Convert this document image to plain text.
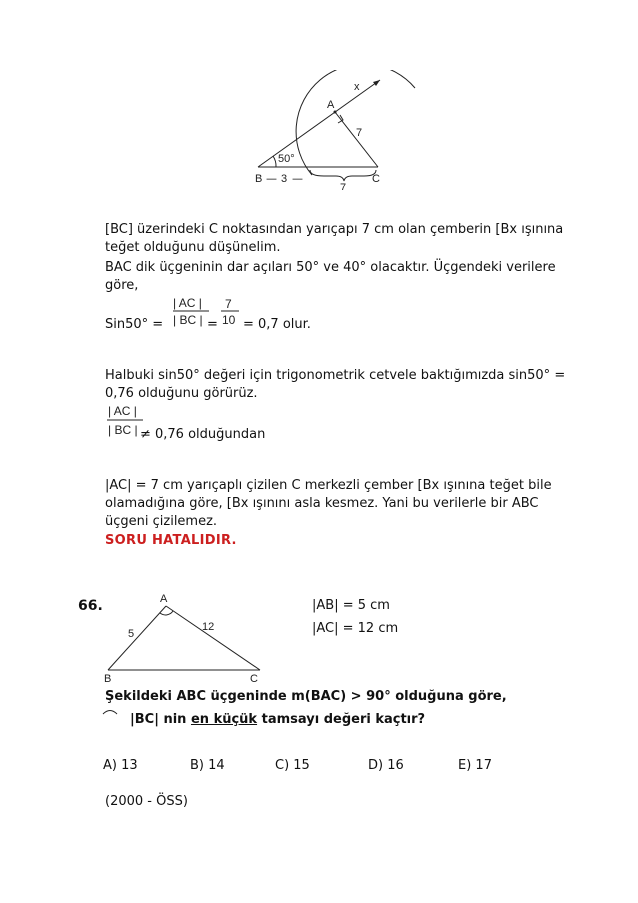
x
A
B	C
50°
7
7
3
— —
[BC] üzerindeki C noktasından yarıçapı 7 cm olan çemberin [Bx ışınına teğet olduğunu düşünelim.
BAC dik üçgeninin dar açıları 50° ve 40° olacaktır. Üçgendeki verilere göre,
Sin50° =
| AC |
| BC | =
7
10 = 0,7 olur.
Halbuki sin50° değeri için trigonometrik cetvele baktığımızda sin50° = 0,76 olduğunu görürüz.
| AC |
| BC | ≠ 0,76 olduğundan
|AC| = 7 cm yarıçaplı çizilen C merkezli çember [Bx ışınına teğet bile olamadığına göre, [Bx ışınını asla kesmez. Yani bu verilerle bir ABC üçgeni çizilemez.
SORU HATALIDIR.
66.	A
B	C
5
12
|AB| = 5 cm
|AC| = 12 cm
Şekildeki ABC üçgeninde m(BAC) > 90° olduğuna göre,
|BC| nin en küçük tamsayı değeri kaçtır?
A) 13	B) 14	C) 15	D) 16	E) 17
(2000 - ÖSS)
